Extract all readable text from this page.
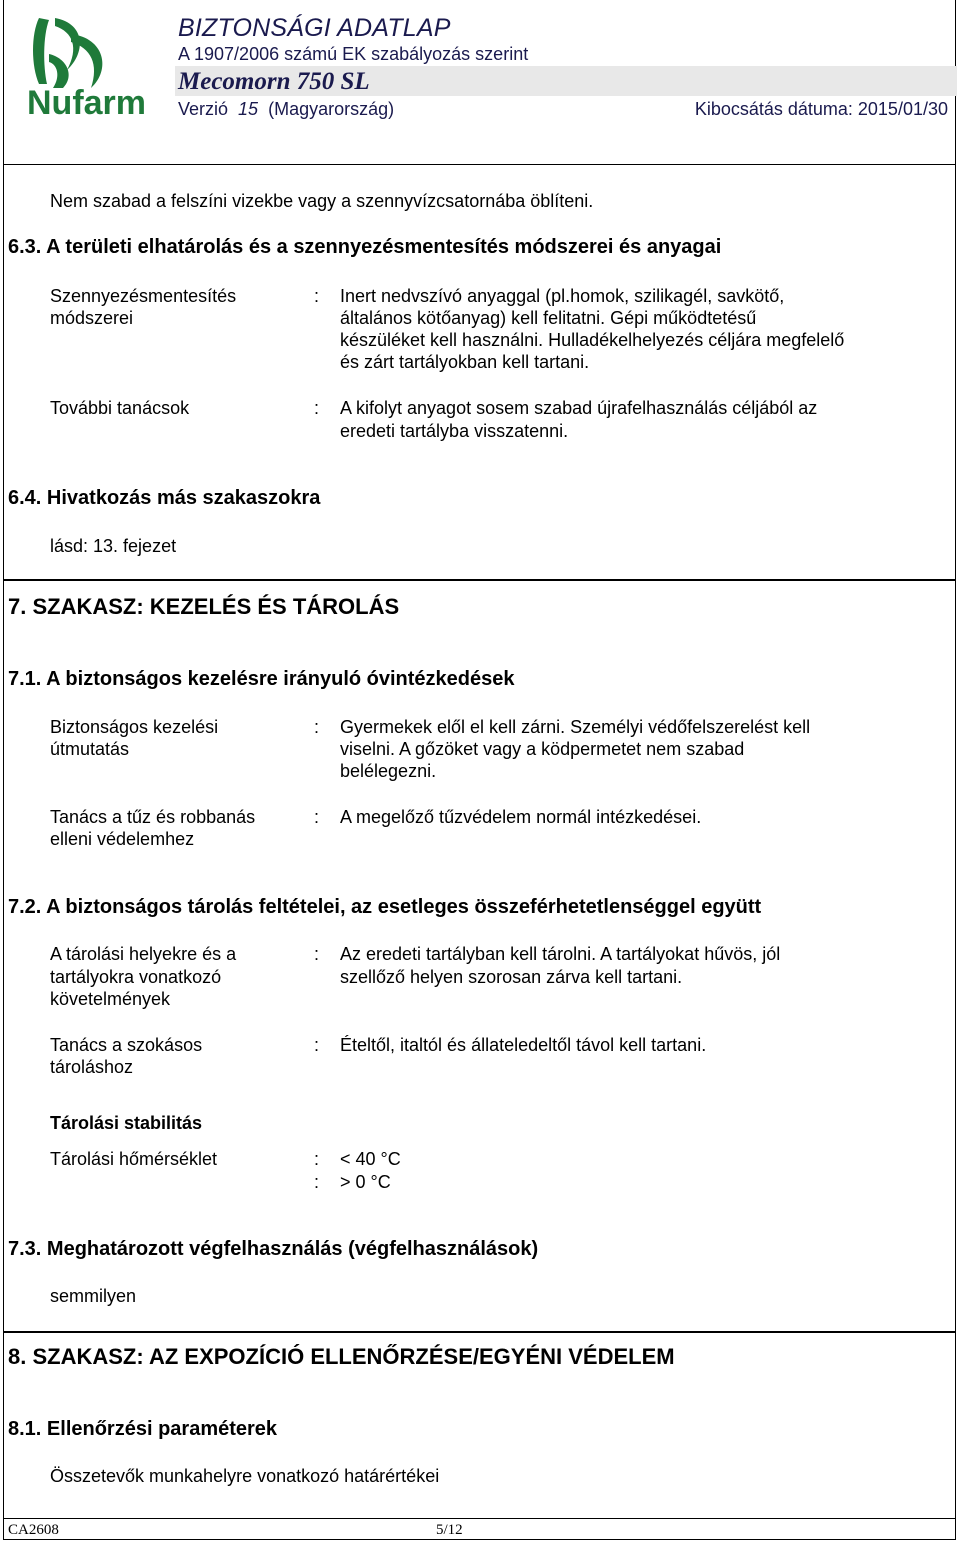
Nufarm
BIZTONSÁGI ADATLAP
A 1907/2006 számú EK szabályozás szerint
Mecomorn 750 SL
Verzió 15 (Magyarország)	Kibocsátás dátuma: 2015/01/30
Nem szabad a felszíni vizekbe vagy a szennyvízcsatornába öblíteni.
6.3. A területi elhatárolás és a szennyezésmentesítés módszerei és anyagai
Szennyezésmentesítés
módszerei
: Inert nedvszívó anyaggal (pl.homok, szilikagél, savkötő,
általános kötőanyag) kell felitatni. Gépi működtetésű
készüléket kell használni. Hulladékelhelyezés céljára megfelelő
és zárt tartályokban kell tartani.
További tanácsok	: A kifolyt anyagot sosem szabad újrafelhasználás céljából az
eredeti tartályba visszatenni.
6.4. Hivatkozás más szakaszokra
lásd: 13. fejezet
7. SZAKASZ: KEZELÉS ÉS TÁROLÁS
7.1. A biztonságos kezelésre irányuló óvintézkedések
Biztonságos kezelési
útmutatás
: Gyermekek elől el kell zárni. Személyi védőfelszerelést kell
viselni. A gőzöket vagy a ködpermetet nem szabad
belélegezni.
Tanács a tűz és robbanás
elleni védelemhez
: A megelőző tűzvédelem normál intézkedései.
7.2. A biztonságos tárolás feltételei, az esetleges összeférhetetlenséggel együtt
A tárolási helyekre és a
tartályokra vonatkozó
követelmények
: Az eredeti tartályban kell tárolni. A tartályokat hűvös, jól
szellőző helyen szorosan zárva kell tartani.
Tanács a szokásos
tároláshoz
: Ételtől, italtól és állateledeltől távol kell tartani.
Tárolási stabilitás
Tárolási hőmérséklet	: < 40 °C
: > 0 °C
7.3. Meghatározott végfelhasználás (végfelhasználások)
semmilyen
8. SZAKASZ: AZ EXPOZÍCIÓ ELLENŐRZÉSE/EGYÉNI VÉDELEM
8.1. Ellenőrzési paraméterek
Összetevők munkahelyre vonatkozó határértékei
CA2608	5/12
